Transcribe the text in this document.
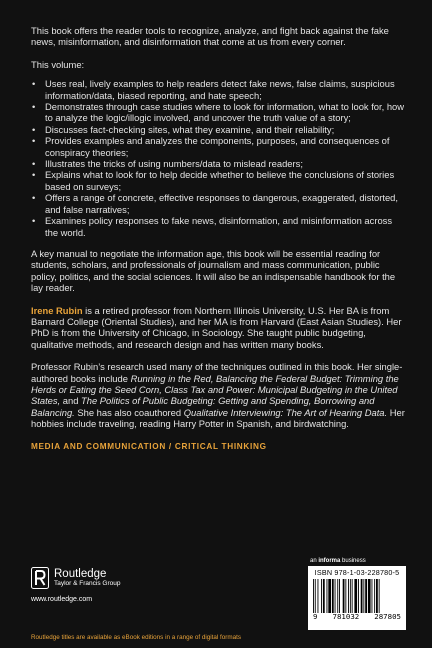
This book offers the reader tools to recognize, analyze, and fight back against the fake news, misinformation, and disinformation that come at us from every corner.

This volume:

• Uses real, lively examples to help readers detect fake news, false claims, suspicious information/data, biased reporting, and hate speech;
• Demonstrates through case studies where to look for information, what to look for, how to analyze the logic/illogic involved, and uncover the truth value of a story;
• Discusses fact-checking sites, what they examine, and their reliability;
• Provides examples and analyzes the components, purposes, and consequences of conspiracy theories;
• Illustrates the tricks of using numbers/data to mislead readers;
• Explains what to look for to help decide whether to believe the conclusions of stories based on surveys;
• Offers a range of concrete, effective responses to dangerous, exaggerated, distorted, and false narratives;
• Examines policy responses to fake news, disinformation, and misinformation across the world.

A key manual to negotiate the information age, this book will be essential reading for students, scholars, and professionals of journalism and mass communication, public policy, politics, and the social sciences. It will also be an indispensable handbook for the lay reader.

Irene Rubin is a retired professor from Northern Illinois University, U.S. Her BA is from Barnard College (Oriental Studies), and her MA is from Harvard (East Asian Studies). Her PhD is from the University of Chicago, in Sociology. She taught public budgeting, qualitative methods, and research design and has written many books.

Professor Rubin’s research used many of the techniques outlined in this book. Her single-authored books include Running in the Red, Balancing the Federal Budget: Trimming the Herds or Eating the Seed Corn, Class Tax and Power: Municipal Budgeting in the United States, and The Politics of Public Budgeting: Getting and Spending, Borrowing and Balancing. She has also coauthored Qualitative Interviewing: The Art of Hearing Data. Her hobbies include traveling, reading Harry Potter in Spanish, and birdwatching.

MEDIA AND COMMUNICATION / CRITICAL THINKING

Routledge
Taylor & Francis Group
www.routledge.com
an informa business
ISBN 978-1-03-228780-5
9 781032 287805
Routledge titles are available as eBook editions in a range of digital formats
